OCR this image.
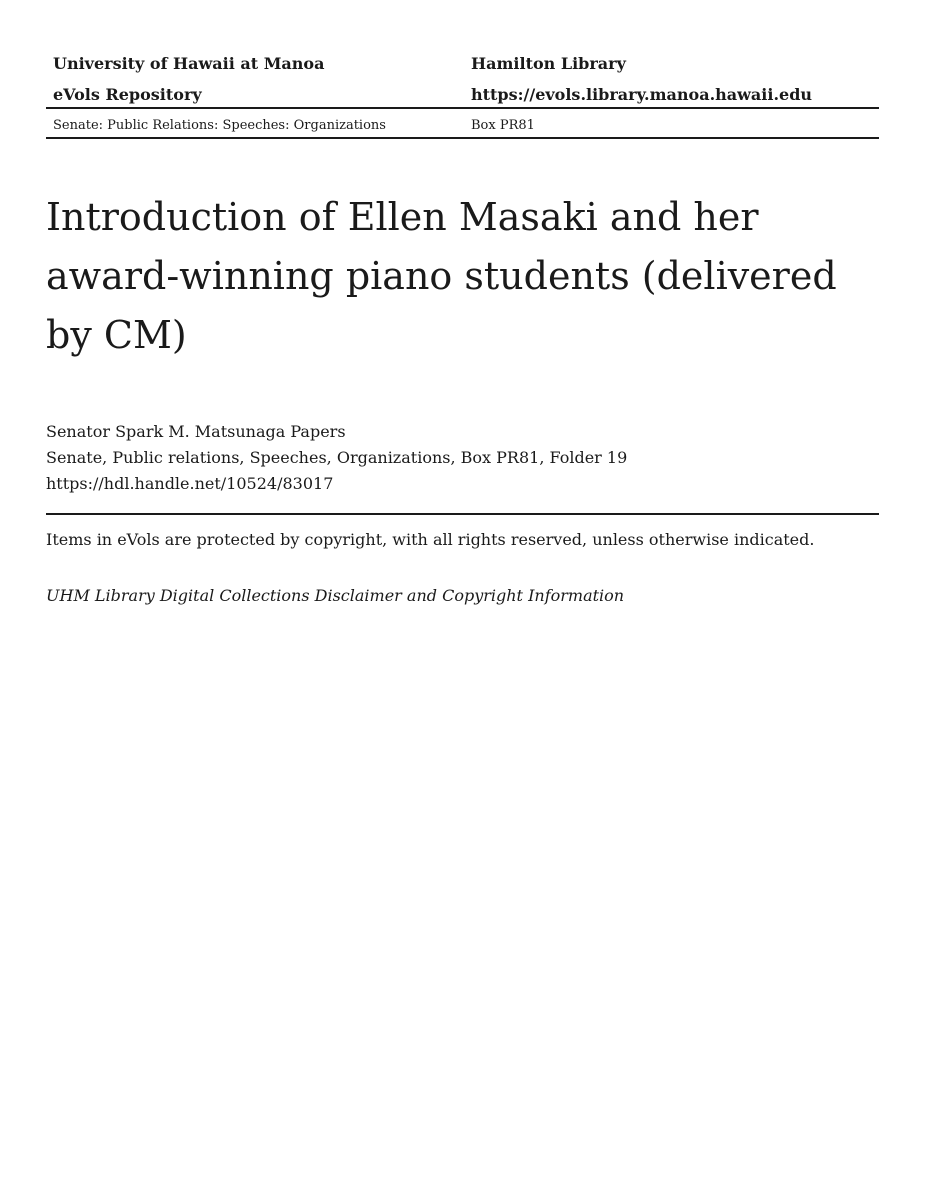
University of Hawaii at Manoa	Hamilton Library
eVols Repository	https://evols.library.manoa.hawaii.edu
Senate: Public Relations: Speeches: Organizations	Box PR81
Introduction of Ellen Masaki and her award-winning piano students (delivered by CM)
Senator Spark M. Matsunaga Papers
Senate, Public relations, Speeches, Organizations, Box PR81, Folder 19
https://hdl.handle.net/10524/83017
Items in eVols are protected by copyright, with all rights reserved, unless otherwise indicated.
UHM Library Digital Collections Disclaimer and Copyright Information
